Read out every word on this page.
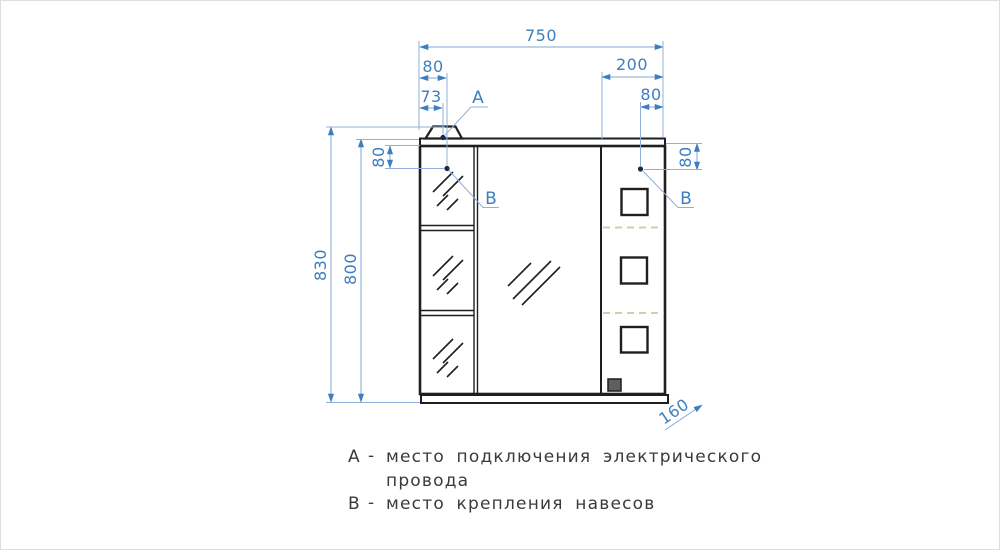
750
80
73
200
80
830 800
80	80
160
А
В	В
А - место подключения электрического
провода
В - место крепления навесов
